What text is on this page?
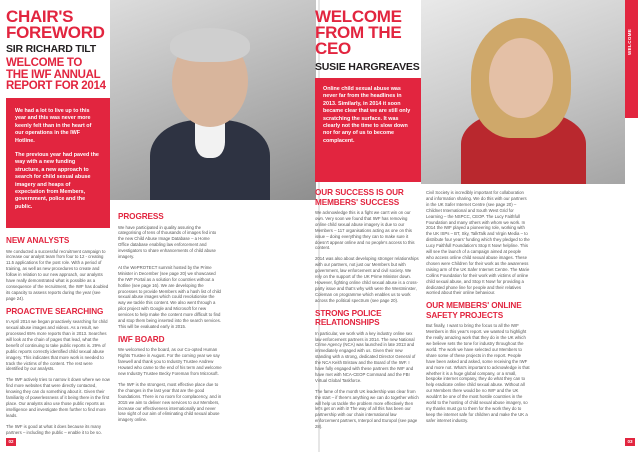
CHAIR'S
FOREWORD
SIR RICHARD TILT
WELCOME TO
THE IWF ANNUAL
REPORT FOR 2014

We had a lot to live up to this year and this was never more keenly felt than in the heart of our operations in the IWF Hotline.

The previous year had paved the way with a new funding structure, a new approach to search for child sexual abuse imagery and heaps of expectation from Members, government, police and the public.

NEW ANALYSTS

We conducted a successful recruitment campaign to increase our analyst team from four to 12 - creating 11.5 applications for the post role. With a period of training, as well as new procedures to create and follow in relation to our new approach, our analysts have really demonstrated what is possible as a consequence of the recruitment, the IWF has doubled its capacity to assess reports during the year (see page 24).

PROACTIVE SEARCHING

In April 2014 we began proactively searching for child sexual abuse images and videos. As a result, we processed 65% more reports than in 2013. Searches will look at the chain of pages that lead, what the benefit of continuing to take public reports is. 29% of public reports correctly identified child sexual abuse imagery. This indicates that more work is needed to track the victims of the content. The rest were identified by our analysts.

The IWF actively tries to narrow it down where we now find more websites that were directly contacted, knowing they can do something about it. Given their familiarity of powerlessness of it being there in the first place. Our analysts also use those public reports as intelligence and investigate them further to find more leads.

The IWF is good at what it does because its many partners – including the public – enable it to be so.

PROGRESS

We have participated in quality assuring the categorising of tens of thousands of images fed into the new Child Abuse Image Database – a Home Office database enabling law enforcement and investigators to share enhancements of child abuse imagery.

At the WePROTECT summit hosted by the Prime Minister in December (see page 20) we showcased the IWF Portal as a solution for countries without a hotline (see page 16). We are developing the processes to provide Members with a hash list of child sexual abuse images which could revolutionise the way we tackle this content. We also went through a pilot project with Google and Microsoft for new services to help make the content more difficult to find and stop them being inserted into the search services. This will be evaluated early in 2015.

IWF BOARD

We welcomed to the board, as our Co-opted Human Rights Trustee in August. For the coming year we say farewell and thank you to Industry Trustee Andrew Howard who came to the end of his term and welcome new Industry Trustee Becky Foreman from Microsoft.

The IWF is the strongest, most effective place due to the changes in the last year that are the good foundations. There is no room for complacency, and in 2015 we aim to deliver new services to our Members, increase our effectiveness internationally and never lose sight of our aim of eliminating child sexual abuse imagery online.

02
WELCOME
FROM THE
CEO
SUSIE HARGREAVES

Online child sexual abuse was never far from the headlines in 2013. Similarly, in 2014 it soon became clear that we are still only scratching the surface. It was clearly not the time to slow down nor for any of us to become complacent.

WELCOME
OUR SUCCESS IS OUR MEMBERS' SUCCESS

We acknowledge this is a fight we can't win on our own. Very soon we found that IWF has removing online child sexual abuse imagery is due to our Members – 117 organisations acting as one on this issue – doing everything they can to make sure it doesn't appear online and no people's access to this content.

2014 was also about developing stronger relationships with our partners, not just our Members but with government, law enforcement and civil society. We rely on the support of the UK Prime Minister down. However, fighting online child sexual abuse is a cross-party issue and that's why with were the Westminster, Coleman on programme which enables us to work across the political spectrum (see page 20).

STRONG POLICE RELATIONSHIPS

In particular, we work with a key industry online sex law enforcement partners in 2014. The new National Crime Agency (NCA) was launched in late 2013 and immediately engaged with us. Given their new standing with a strong, dedicated Director General of the NCA Keith Bristow and the Board of the IWF. I have fully engaged with these partners the IWF and have met with NCA-CEOP Command and the FBI Virtual Global Taskforce.

The fame of the month UK leadership was clear from the start – if there's anything we can do together which will help us tackle the problem more effectively then let's get on with it! The way of all this has been our partnership with our chain international law enforcement partners, Interpol and Europol (see page 28).

Civil Society is incredibly important for collaboration and information sharing. We do this with our partners in the UK Safer Internet Centre (see page 20) – Childnet International and South West Grid for Learning – the NSPCC, CEOP. The Lucy Faithfull Foundation and many others with whom we work. In 2014 the IWF played a pioneering role, working with the UK ISPs – BT, Sky, TalkTalk and Virgin Media – to distribute four years' funding which they pledged to the Lucy Faithfull Foundation's Stop It Now! helpline. This will see the launch of a campaign aimed at people who access online child sexual abuse images. These chosen were Children for their work as the awareness raising arm of the UK Safer Internet Centre. The Marie Collins Foundation for their work with victims of online child sexual abuse, and Stop It Now! for providing a dedicated phone line for people and their relatives worried about their online behaviour.

OUR MEMBERS' ONLINE SAFETY PROJECTS

But finally, I want to bring the focus to all the IWF Members in this year's report. we wanted to highlight the really amazing work that they do in the UK which we believe sets the tone for industry throughout the world. The work we have selected our Members to share some of these projects in the report. People have been asked and asked, some receiving the IWF and more not. What's important to acknowledge is that whether it is a huge global company, or a small, bespoke internet company, they do what they can to help eradicate online child sexual abuse. Without all our Members there would be no IWF and the UK wouldn't be one of the most hostile countries in the world to the hosting of child sexual abuse imagery, so my thanks must go to them for the work they do to keep the internet safe for children and make the UK a safer internet industry.

03
